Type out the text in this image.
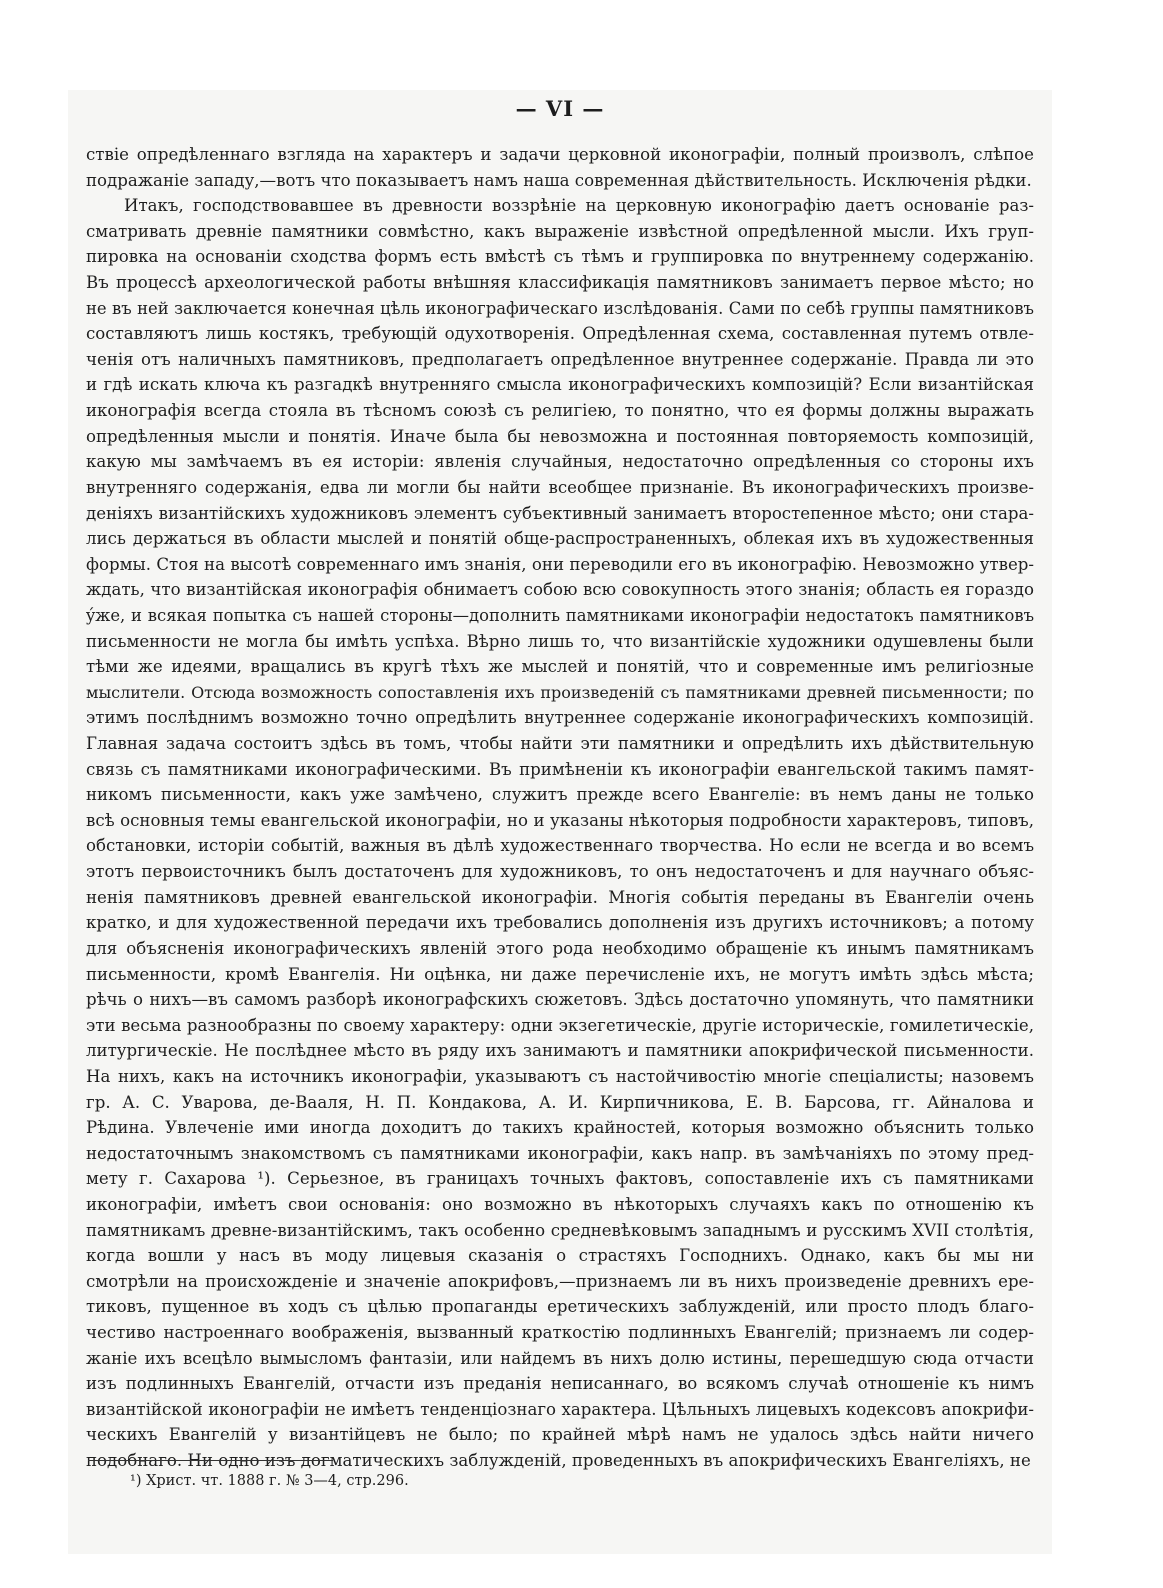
— VI —
ствіе опредѣленнаго взгляда на характеръ и задачи церковной иконографіи, полный произволъ, слѣпое
подражаніе западу,—вотъ что показываетъ намъ наша современная дѣйствительность. Исключенія рѣдки.
Итакъ, господствовавшее въ древности воззрѣніе на церковную иконографію даетъ основаніе раз-
сматривать древніе памятники совмѣстно, какъ выраженіе извѣстной опредѣленной мысли. Ихъ груп-
пировка на основаніи сходства формъ есть вмѣстѣ съ тѣмъ и группировка по внутреннему содержанію.
Въ процессѣ археологической работы внѣшняя классификація памятниковъ занимаетъ первое мѣсто; но
не въ ней заключается конечная цѣль иконографическаго изслѣдованія. Сами по себѣ группы памятниковъ
составляютъ лишь костякъ, требующій одухотворенія. Опредѣленная схема, составленная путемъ отвле-
ченія отъ наличныхъ памятниковъ, предполагаетъ опредѣленное внутреннее содержаніе. Правда ли это
и гдѣ искать ключа къ разгадкѣ внутренняго смысла иконографическихъ композицій? Если византійская
иконографія всегда стояла въ тѣсномъ союзѣ съ религіею, то понятно, что ея формы должны выражать
опредѣленныя мысли и понятія. Иначе была бы невозможна и постоянная повторяемость композицій,
какую мы замѣчаемъ въ ея исторіи: явленія случайныя, недостаточно опредѣленныя со стороны ихъ
внутренняго содержанія, едва ли могли бы найти всеобщее признаніе. Въ иконографическихъ произве-
деніяхъ византійскихъ художниковъ элементъ субъективный занимаетъ второстепенное мѣсто; они стара-
лись держаться въ области мыслей и понятій обще-распространенныхъ, облекая ихъ въ художественныя
формы. Стоя на высотѣ современнаго имъ знанія, они переводили его въ иконографію. Невозможно утвер-
ждать, что византійская иконографія обнимаетъ собою всю совокупность этого знанія; область ея гораздо
ýже, и всякая попытка съ нашей стороны—дополнить памятниками иконографіи недостатокъ памятниковъ
письменности не могла бы имѣть успѣха. Вѣрно лишь то, что византійскіе художники одушевлены были
тѣми же идеями, вращались въ кругѣ тѣхъ же мыслей и понятій, что и современные имъ религіозные
мыслители. Отсюда возможность сопоставленія ихъ произведеній съ памятниками древней письменности; по
этимъ послѣднимъ возможно точно опредѣлить внутреннее содержаніе иконографическихъ композицій.
Главная задача состоитъ здѣсь въ томъ, чтобы найти эти памятники и опредѣлить ихъ дѣйствительную
связь съ памятниками иконографическими. Въ примѣненіи къ иконографіи евангельской такимъ памят-
никомъ письменности, какъ уже замѣчено, служитъ прежде всего Евангеліе: въ немъ даны не только
всѣ основныя темы евангельской иконографіи, но и указаны нѣкоторыя подробности характеровъ, типовъ,
обстановки, исторіи событій, важныя въ дѣлѣ художественнаго творчества. Но если не всегда и во всемъ
этотъ первоисточникъ былъ достаточенъ для художниковъ, то онъ недостаточенъ и для научнаго объяс-
ненія памятниковъ древней евангельской иконографіи. Многія событія переданы въ Евангеліи очень
кратко, и для художественной передачи ихъ требовались дополненія изъ другихъ источниковъ; а потому
для объясненія иконографическихъ явленій этого рода необходимо обращеніе къ инымъ памятникамъ
письменности, кромѣ Евангелія. Ни оцѣнка, ни даже перечисленіе ихъ, не могутъ имѣть здѣсь мѣста;
рѣчь о нихъ—въ самомъ разборѣ иконографскихъ сюжетовъ. Здѣсь достаточно упомянуть, что памятники
эти весьма разнообразны по своему характеру: одни экзегетическіе, другіе историческіе, гомилетическіе,
литургическіе. Не послѣднее мѣсто въ ряду ихъ занимаютъ и памятники апокрифической письменности.
На нихъ, какъ на источникъ иконографіи, указываютъ съ настойчивостію многіе спеціалисты; назовемъ
гр. А. С. Уварова, де-Вааля, Н. П. Кондакова, А. И. Кирпичникова, Е. В. Барсова, гг. Айналова и
Рѣдина. Увлеченіе ими иногда доходитъ до такихъ крайностей, которыя возможно объяснить только
недостаточнымъ знакомствомъ съ памятниками иконографіи, какъ напр. въ замѣчаніяхъ по этому пред-
мету г. Сахарова ¹). Серьезное, въ границахъ точныхъ фактовъ, сопоставленіе ихъ съ памятниками
иконографіи, имѣетъ свои основанія: оно возможно въ нѣкоторыхъ случаяхъ какъ по отношенію къ
памятникамъ древне-византійскимъ, такъ особенно средневѣковымъ западнымъ и русскимъ XVII столѣтія,
когда вошли у насъ въ моду лицевыя сказанія о страстяхъ Господнихъ. Однако, какъ бы мы ни
смотрѣли на происхожденіе и значеніе апокрифовъ,—признаемъ ли въ нихъ произведеніе древнихъ ере-
тиковъ, пущенное въ ходъ съ цѣлью пропаганды еретическихъ заблужденій, или просто плодъ благо-
честиво настроеннаго воображенія, вызванный краткостію подлинныхъ Евангелій; признаемъ ли содер-
жаніе ихъ всецѣло вымысломъ фантазіи, или найдемъ въ нихъ долю истины, перешедшую сюда отчасти
изъ подлинныхъ Евангелій, отчасти изъ преданія неписаннаго, во всякомъ случаѣ отношеніе къ нимъ
византійской иконографіи не имѣетъ тенденціознаго характера. Цѣльныхъ лицевыхъ кодексовъ апокрифи-
ческихъ Евангелій у византійцевъ не было; по крайней мѣрѣ намъ не удалось здѣсь найти ничего
подобнаго. Ни одно изъ догматическихъ заблужденій, проведенныхъ въ апокрифическихъ Евангеліяхъ, не
¹) Христ. чт. 1888 г. № 3—4, стр.296.
